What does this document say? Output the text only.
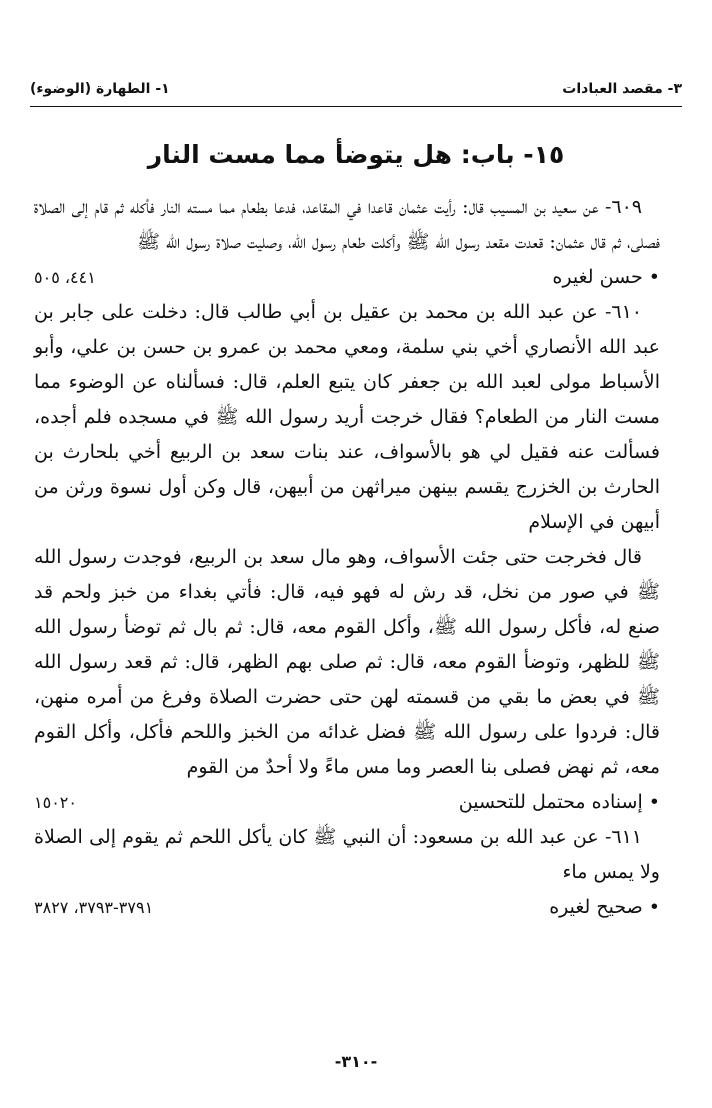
١- الطهارة (الوضوء)	٣- مقصد العبادات
١٥- باب: هل يتوضأ مما مست النار

٦٠٩- عن سعيد بن المسيب قال: رأيت عثمان قاعدا في المقاعد، فدعا بطعام مما مسته النار فأكله ثم قام إلى الصلاة فصلى، ثم قال عثمان: قعدت مقعد رسول الله ﷺ وأكلت طعام رسول الله، وصليت صلاة رسول الله ﷺ

• حسن لغيره
٤٤١، ٥٠٥

٦١٠- عن عبد الله بن محمد بن عقيل بن أبي طالب قال: دخلت على جابر بن عبد الله الأنصاري أخي بني سلمة، ومعي محمد بن عمرو بن حسن بن علي، وأبو الأسباط مولى لعبد الله بن جعفر كان يتبع العلم، قال: فسألناه عن الوضوء مما مست النار من الطعام؟ فقال خرجت أريد رسول الله ﷺ في مسجده فلم أجده، فسألت عنه فقيل لي هو بالأسواف، عند بنات سعد بن الربيع أخي بلحارث بن الحارث بن الخزرج يقسم بينهن ميراثهن من أبيهن، قال وكن أول نسوة ورثن من أبيهن في الإسلام

قال فخرجت حتى جئت الأسواف، وهو مال سعد بن الربيع، فوجدت رسول الله ﷺ في صور من نخل، قد رش له فهو فيه، قال: فأتي بغداء من خبز ولحم قد صنع له، فأكل رسول الله ﷺ، وأكل القوم معه، قال: ثم بال ثم توضأ رسول الله ﷺ للظهر، وتوضأ القوم معه، قال: ثم صلى بهم الظهر، قال: ثم قعد رسول الله ﷺ في بعض ما بقي من قسمته لهن حتى حضرت الصلاة وفرغ من أمره منهن، قال: فردوا على رسول الله ﷺ فضل غدائه من الخبز واللحم فأكل، وأكل القوم معه، ثم نهض فصلى بنا العصر وما مس ماءً ولا أحدٌ من القوم

• إسناده محتمل للتحسين
١٥٠٢٠

٦١١- عن عبد الله بن مسعود: أن النبي ﷺ كان يأكل اللحم ثم يقوم إلى الصلاة ولا يمس ماء

• صحيح لغيره
٣٧٩١-٣٧٩٣، ٣٨٢٧
-٣١٠-
